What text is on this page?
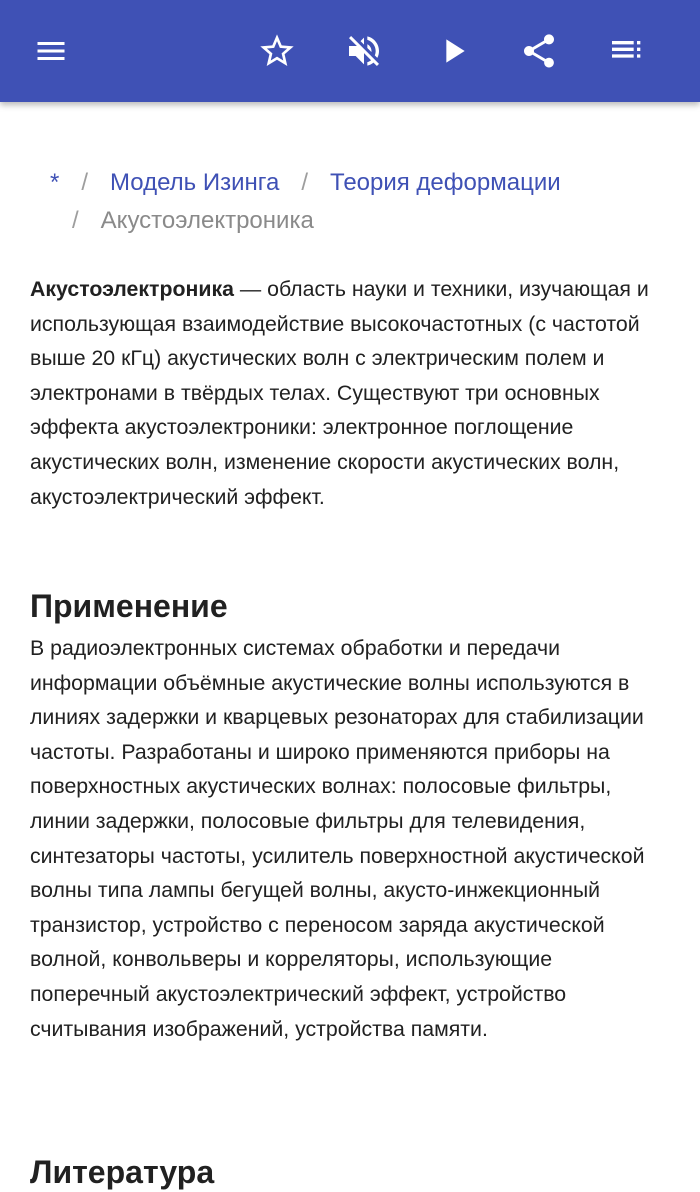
* / Модель Изинга / Теория деформации
/ Акустоэлектроника

Акустоэлектроника — область науки и техники, изучающая и использующая взаимодействие высокочастотных (с частотой выше 20 кГц) акустических волн с электрическим полем и электронами в твёрдых телах. Существуют три основных эффекта акустоэлектроники: электронное поглощение акустических волн, изменение скорости акустических волн, акустоэлектрический эффект.

Применение

В радиоэлектронных системах обработки и передачи информации объёмные акустические волны используются в линиях задержки и кварцевых резонаторах для стабилизации частоты. Разработаны и широко применяются приборы на поверхностных акустических волнах: полосовые фильтры, линии задержки, полосовые фильтры для телевидения, синтезаторы частоты, усилитель поверхностной акустической волны типа лампы бегущей волны, акусто-инжекционный транзистор, устройство с переносом заряда акустической волной, конвольверы и корреляторы, использующие поперечный акустоэлектрический эффект, устройство считывания изображений, устройства памяти.

Литература
